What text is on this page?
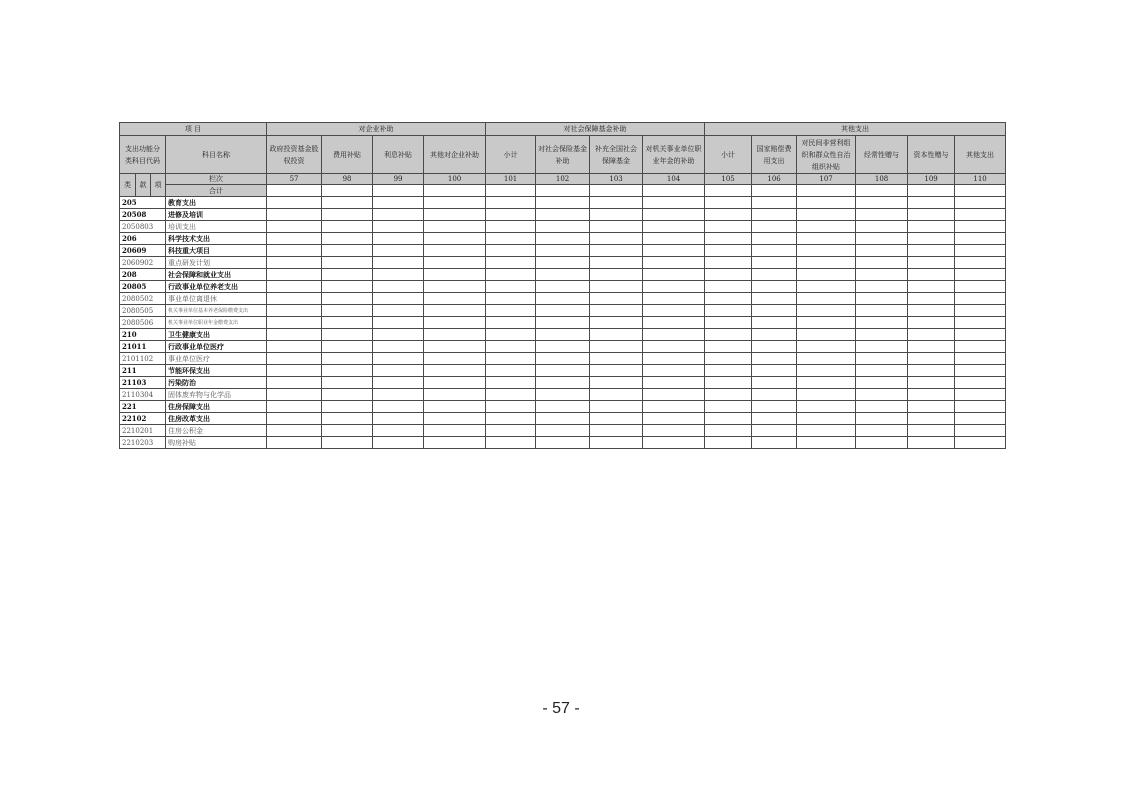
项 目				对企业补助				对社会保障基金补助				其他支出					
支出功能分类科目代码			科目名称	政府投资基金股权投资	费用补贴	利息补贴	其他对企业补助	小计	对社会保险基金补助	补充全国社会保障基金	对机关事业单位职业年金的补助	小计	国家赔偿费用支出	对民间非营利组织和群众性自治组织补贴	经常性赠与	资本性赠与	其他支出
类	款	项	栏次	57	98	99	100	101	102	103	104	105	106	107	108	109	110
			合计														
205			教育支出														
20508			进修及培训														
2050803			培训支出														
206			科学技术支出														
20609			科技重大项目														
2060902			重点研发计划														
208			社会保障和就业支出														
20805			行政事业单位养老支出														
2080502			事业单位离退休														
2080505			机关事业单位基本养老保险缴费支出														
2080506			机关事业单位职业年金缴费支出														
210			卫生健康支出														
21011			行政事业单位医疗														
2101102			事业单位医疗														
211			节能环保支出														
21103			污染防治														
2110304			固体废弃物与化学品														
221			住房保障支出														
22102			住房改革支出														
2210201			住房公积金														
2210203			购房补贴														
- 57 -
